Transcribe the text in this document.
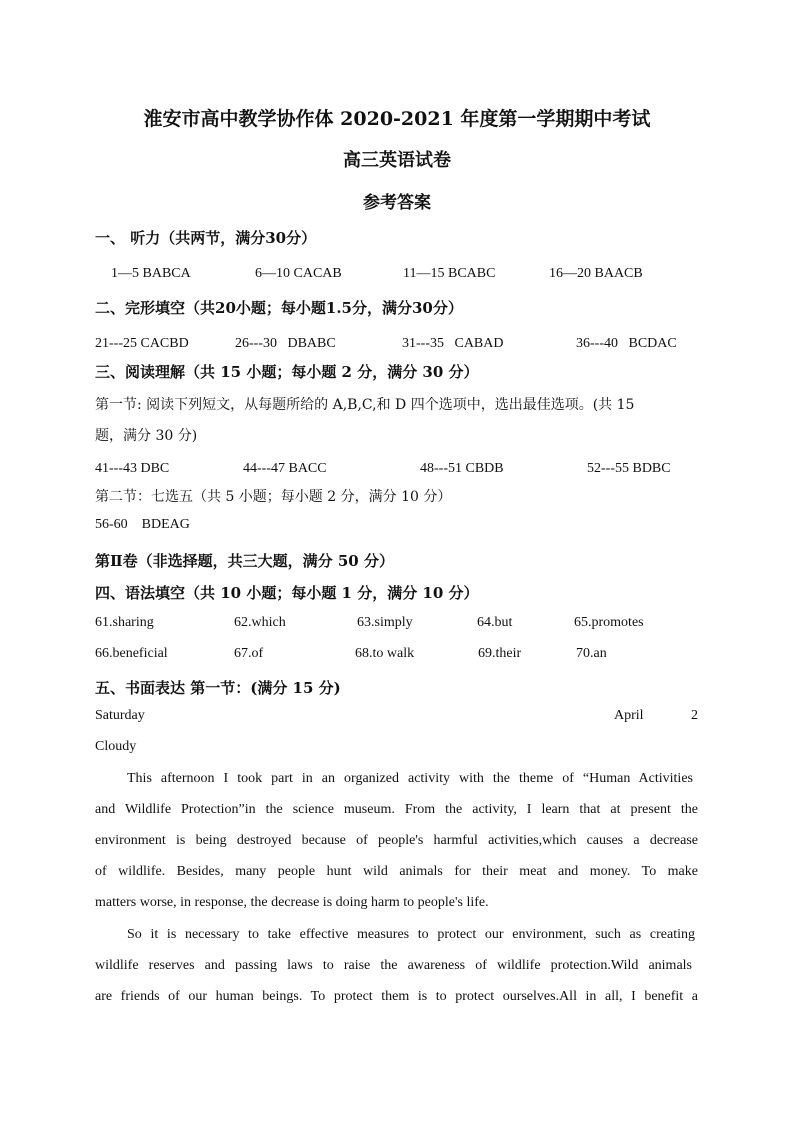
淮安市高中教学协作体 2020-2021 年度第一学期期中考试
高三英语试卷
参考答案
一、 听力（共两节，满分30分）
1—5 BABCA	6—10 CACAB	11—15 BCABC	16—20 BAACB
二、完形填空（共20小题；每小题1.5分，满分30分）
21---25 CACBD	26---30   DBABC	31---35   CABAD	36---40   BCDAC
三、阅读理解（共 15 小题；每小题 2 分，满分 30 分）
第一节: 阅读下列短文，从每题所给的 A,B,C,和 D 四个选项中，选出最佳选项。(共 15
题，满分 30 分)
41---43 DBC	44---47 BACC	48---51 CBDB	52---55 BDBC
第二节：七选五（共 5 小题；每小题 2 分，满分 10 分）
56-60    BDEAG
第Ⅱ卷（非选择题，共三大题，满分 50 分）
四、语法填空（共 10 小题；每小题 1 分，满分 10 分）
61.sharing	62.which	63.simply	64.but	65.promotes
66.beneficial	67.of	68.to walk	69.their	70.an
五、书面表达 第一节：(满分 15 分)
Saturday	April	2
Cloudy
This afternoon I took part in an organized activity with the theme of “Human Activities
and Wildlife Protection”in the science museum. From the activity, I learn that at present the
environment is being destroyed because of people's harmful activities,which causes a decrease
of wildlife. Besides, many people hunt wild animals for their meat and money. To make
matters worse, in response, the decrease is doing harm to people's life.
So it is necessary to take effective measures to protect our environment, such as creating
wildlife reserves and passing laws to raise the awareness of wildlife protection.Wild animals
are friends of our human beings. To protect them is to protect ourselves.All in all, I benefit a
